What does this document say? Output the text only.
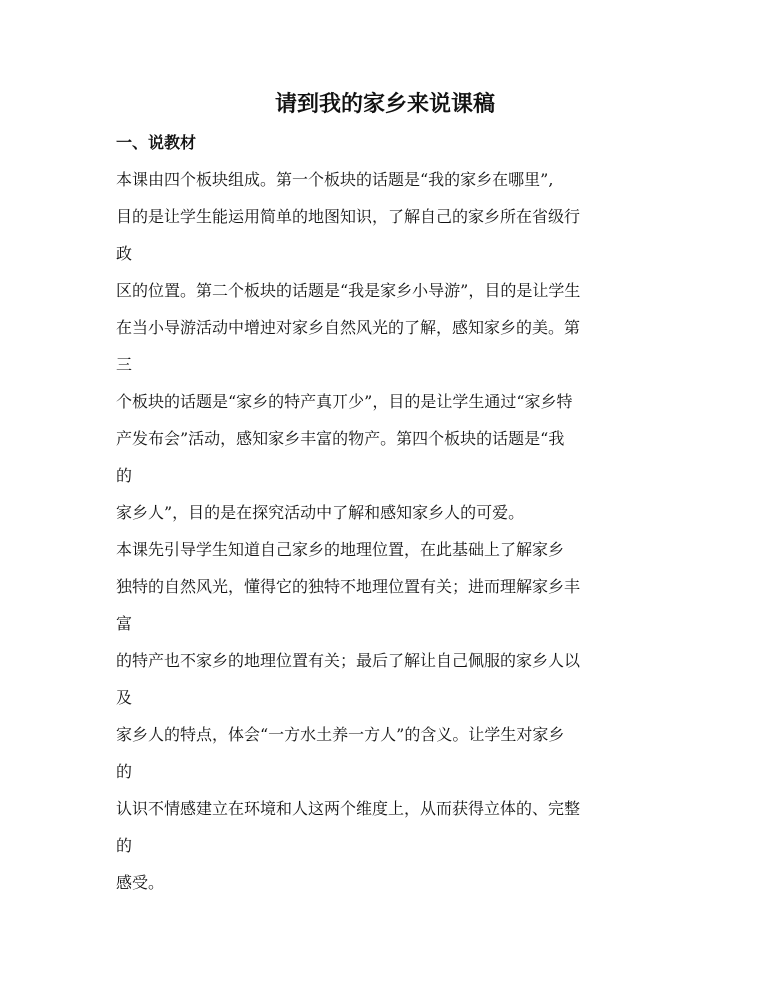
请到我的家乡来说课稿
一、说教材
本课由四个板块组成。第一个板块的话题是“我的家乡在哪里”,
目的是让学生能运用简单的地图知识，了解自己的家乡所在省级行
政
区的位置。第二个板块的话题是“我是家乡小导游”，目的是让学生
在当小导游活动中增迚对家乡自然风光的了解，感知家乡的美。第
三
个板块的话题是“家乡的特产真丌少”，目的是让学生通过“家乡特
产发布会”活动，感知家乡丰富的物产。第四个板块的话题是“我
的
家乡人”，目的是在探究活动中了解和感知家乡人的可爱。
本课先引导学生知道自己家乡的地理位置，在此基础上了解家乡
独特的自然风光，懂得它的独特不地理位置有关；进而理解家乡丰
富
的特产也不家乡的地理位置有关；最后了解让自己佩服的家乡人以
及
家乡人的特点，体会“一方水土养一方人”的含义。让学生对家乡
的
认识不情感建立在环境和人这两个维度上，从而获得立体的、完整
的
感受。
